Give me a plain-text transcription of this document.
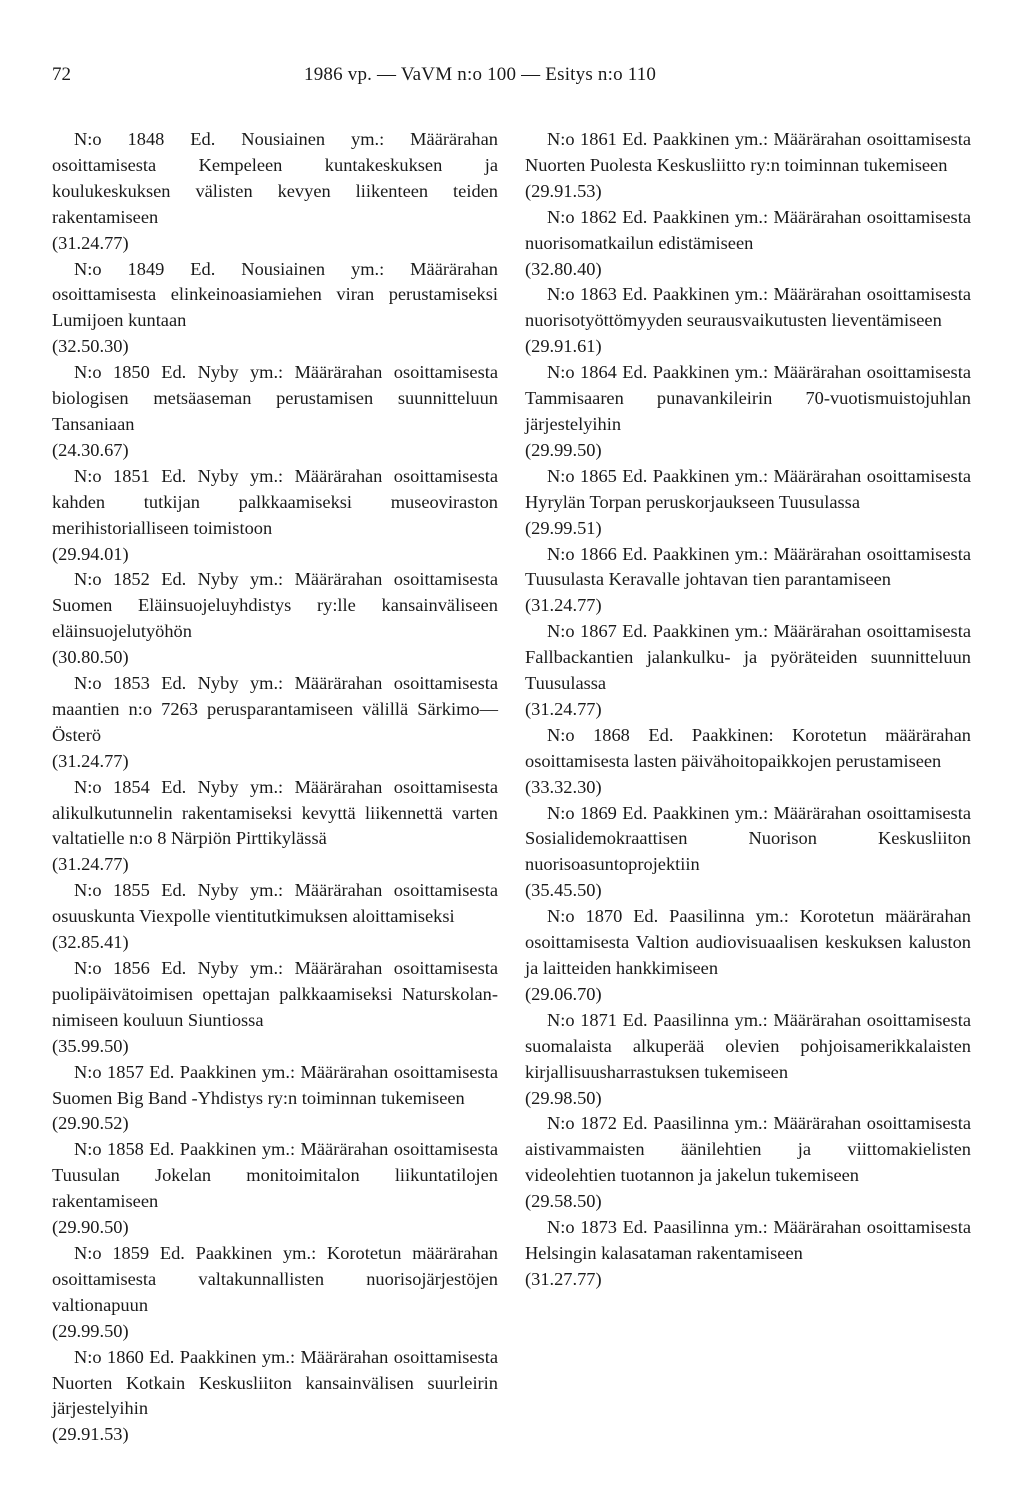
72	1986 vp. — VaVM n:o 100 — Esitys n:o 110
N:o 1848 Ed. Nousiainen ym.: Määrärahan osoittamisesta Kempeleen kuntakeskuksen ja koulukeskuksen välisten kevyen liikenteen teiden rakentamiseen
(31.24.77)
N:o 1849 Ed. Nousiainen ym.: Määrärahan osoittamisesta elinkeinoasiamiehen viran perustamiseksi Lumijoen kuntaan
(32.50.30)
N:o 1850 Ed. Nyby ym.: Määrärahan osoittamisesta biologisen metsäaseman perustamisen suunnitteluun Tansaniaan
(24.30.67)
N:o 1851 Ed. Nyby ym.: Määrärahan osoittamisesta kahden tutkijan palkkaamiseksi museoviraston merihistorialliseen toimistoon
(29.94.01)
N:o 1852 Ed. Nyby ym.: Määrärahan osoittamisesta Suomen Eläinsuojeluyhdistys ry:lle kansainväliseen eläinsuojelutyöhön
(30.80.50)
N:o 1853 Ed. Nyby ym.: Määrärahan osoittamisesta maantien n:o 7263 perusparantamiseen välillä Särkimo—Österö
(31.24.77)
N:o 1854 Ed. Nyby ym.: Määrärahan osoittamisesta alikulkutunnelin rakentamiseksi kevyttä liikennettä varten valtatielle n:o 8 Närpiön Pirttikylässä
(31.24.77)
N:o 1855 Ed. Nyby ym.: Määrärahan osoittamisesta osuuskunta Viexpolle vientitutkimuksen aloittamiseksi
(32.85.41)
N:o 1856 Ed. Nyby ym.: Määrärahan osoittamisesta puolipäivätoimisen opettajan palkkaamiseksi Naturskolan-nimiseen kouluun Siuntiossa
(35.99.50)
N:o 1857 Ed. Paakkinen ym.: Määrärahan osoittamisesta Suomen Big Band -Yhdistys ry:n toiminnan tukemiseen
(29.90.52)
N:o 1858 Ed. Paakkinen ym.: Määrärahan osoittamisesta Tuusulan Jokelan monitoimitalon liikuntatilojen rakentamiseen
(29.90.50)
N:o 1859 Ed. Paakkinen ym.: Korotetun määrärahan osoittamisesta valtakunnallisten nuorisojärjestöjen valtionapuun
(29.99.50)
N:o 1860 Ed. Paakkinen ym.: Määrärahan osoittamisesta Nuorten Kotkain Keskusliiton kansainvälisen suurleirin järjestelyihin
(29.91.53)
N:o 1861 Ed. Paakkinen ym.: Määrärahan osoittamisesta Nuorten Puolesta Keskusliitto ry:n toiminnan tukemiseen
(29.91.53)
N:o 1862 Ed. Paakkinen ym.: Määrärahan osoittamisesta nuorisomatkailun edistämiseen
(32.80.40)
N:o 1863 Ed. Paakkinen ym.: Määrärahan osoittamisesta nuorisotyöttömyyden seurausvaikutusten lieventämiseen
(29.91.61)
N:o 1864 Ed. Paakkinen ym.: Määrärahan osoittamisesta Tammisaaren punavankileirin 70-vuotismuistojuhlan järjestelyihin
(29.99.50)
N:o 1865 Ed. Paakkinen ym.: Määrärahan osoittamisesta Hyrylän Torpan peruskorjaukseen Tuusulassa
(29.99.51)
N:o 1866 Ed. Paakkinen ym.: Määrärahan osoittamisesta Tuusulasta Keravalle johtavan tien parantamiseen
(31.24.77)
N:o 1867 Ed. Paakkinen ym.: Määrärahan osoittamisesta Fallbackantien jalankulku- ja pyöräteiden suunnitteluun Tuusulassa
(31.24.77)
N:o 1868 Ed. Paakkinen: Korotetun määrärahan osoittamisesta lasten päivähoitopaikkojen perustamiseen
(33.32.30)
N:o 1869 Ed. Paakkinen ym.: Määrärahan osoittamisesta Sosialidemokraattisen Nuorison Keskusliiton nuorisoasuntoprojektiin
(35.45.50)
N:o 1870 Ed. Paasilinna ym.: Korotetun määrärahan osoittamisesta Valtion audiovisuaalisen keskuksen kaluston ja laitteiden hankkimiseen
(29.06.70)
N:o 1871 Ed. Paasilinna ym.: Määrärahan osoittamisesta suomalaista alkuperää olevien pohjoisamerikkalaisten kirjallisuusharrastuksen tukemiseen
(29.98.50)
N:o 1872 Ed. Paasilinna ym.: Määrärahan osoittamisesta aistivammaisten äänilehtien ja viittomakielisten videolehtien tuotannon ja jakelun tukemiseen
(29.58.50)
N:o 1873 Ed. Paasilinna ym.: Määrärahan osoittamisesta Helsingin kalasataman rakentamiseen
(31.27.77)
